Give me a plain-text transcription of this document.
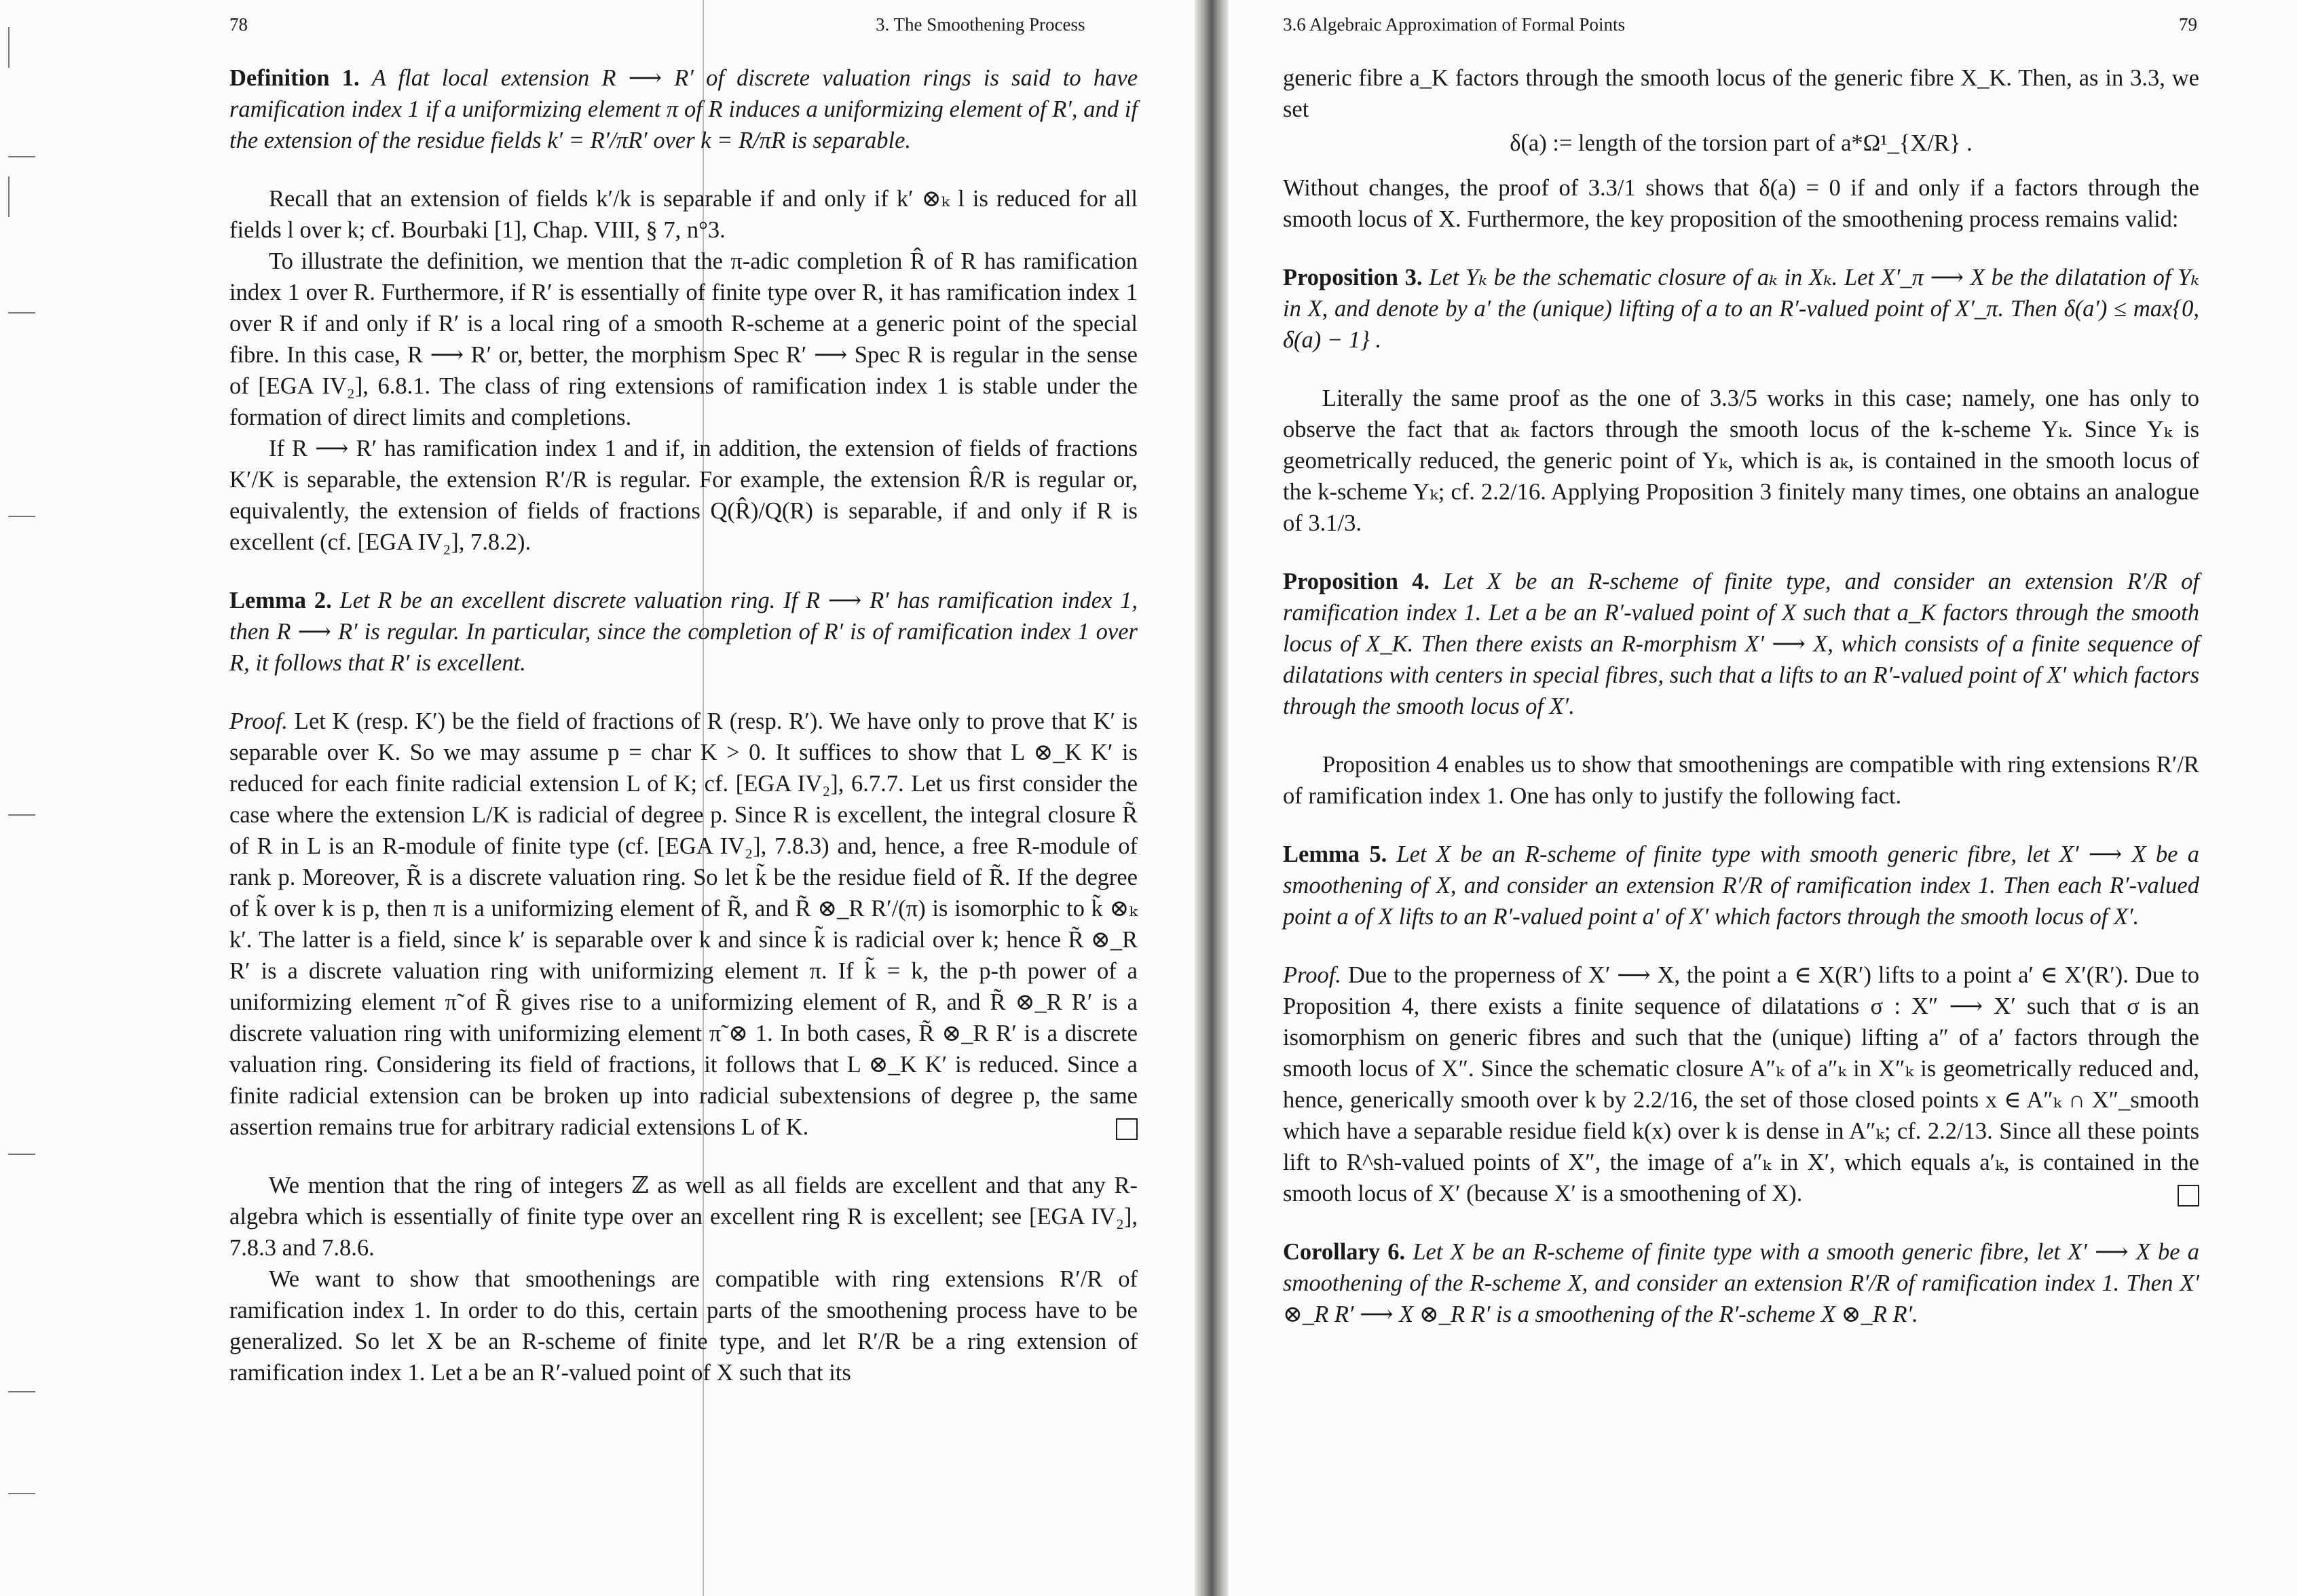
78	3. The Smoothening Process
Definition 1. A flat local extension R ⟶ R′ of discrete valuation rings is said to have ramification index 1 if a uniformizing element π of R induces a uniformizing element of R′, and if the extension of the residue fields k′ = R′/πR′ over k = R/πR is separable.
Recall that an extension of fields k′/k is separable if and only if k′ ⊗ₖ l is reduced for all fields l over k; cf. Bourbaki [1], Chap. VIII, § 7, n°3.
To illustrate the definition, we mention that the π-adic completion R̂ of R has ramification index 1 over R. Furthermore, if R′ is essentially of finite type over R, it has ramification index 1 over R if and only if R′ is a local ring of a smooth R-scheme at a generic point of the special fibre. In this case, R ⟶ R′ or, better, the morphism Spec R′ ⟶ Spec R is regular in the sense of [EGA IV₂], 6.8.1. The class of ring extensions of ramification index 1 is stable under the formation of direct limits and completions.
If R ⟶ R′ has ramification index 1 and if, in addition, the extension of fields of fractions K′/K is separable, the extension R′/R is regular. For example, the extension R̂/R is regular or, equivalently, the extension of fields of fractions Q(R̂)/Q(R) is separable, if and only if R is excellent (cf. [EGA IV₂], 7.8.2).
Lemma 2. Let R be an excellent discrete valuation ring. If R ⟶ R′ has ramification index 1, then R ⟶ R′ is regular. In particular, since the completion of R′ is of ramification index 1 over R, it follows that R′ is excellent.
Proof. Let K (resp. K′) be the field of fractions of R (resp. R′). We have only to prove that K′ is separable over K. So we may assume p = char K > 0. It suffices to show that L ⊗_K K′ is reduced for each finite radicial extension L of K; cf. [EGA IV₂], 6.7.7. Let us first consider the case where the extension L/K is radicial of degree p. Since R is excellent, the integral closure R̃ of R in L is an R-module of finite type (cf. [EGA IV₂], 7.8.3) and, hence, a free R-module of rank p. Moreover, R̃ is a discrete valuation ring. So let k̃ be the residue field of R̃. If the degree of k̃ over k is p, then π is a uniformizing element of R̃, and R̃ ⊗_R R′/(π) is isomorphic to k̃ ⊗ₖ k′. The latter is a field, since k′ is separable over k and since k̃ is radicial over k; hence R̃ ⊗_R R′ is a discrete valuation ring with uniformizing element π. If k̃ = k, the p-th power of a uniformizing element π̃ of R̃ gives rise to a uniformizing element of R, and R̃ ⊗_R R′ is a discrete valuation ring with uniformizing element π̃ ⊗ 1. In both cases, R̃ ⊗_R R′ is a discrete valuation ring. Considering its field of fractions, it follows that L ⊗_K K′ is reduced. Since a finite radicial extension can be broken up into radicial subextensions of degree p, the same assertion remains true for arbitrary radicial extensions L of K.
We mention that the ring of integers ℤ as well as all fields are excellent and that any R-algebra which is essentially of finite type over an excellent ring R is excellent; see [EGA IV₂], 7.8.3 and 7.8.6.
We want to show that smoothenings are compatible with ring extensions R′/R of ramification index 1. In order to do this, certain parts of the smoothening process have to be generalized. So let X be an R-scheme of finite type, and let R′/R be a ring extension of ramification index 1. Let a be an R′-valued point of X such that its
3.6 Algebraic Approximation of Formal Points	79
generic fibre a_K factors through the smooth locus of the generic fibre X_K. Then, as in 3.3, we set
δ(a) := length of the torsion part of a*Ω¹_{X/R} .
Without changes, the proof of 3.3/1 shows that δ(a) = 0 if and only if a factors through the smooth locus of X. Furthermore, the key proposition of the smoothening process remains valid:
Proposition 3. Let Yₖ be the schematic closure of aₖ in Xₖ. Let X′_π ⟶ X be the dilatation of Yₖ in X, and denote by a′ the (unique) lifting of a to an R′-valued point of X′_π. Then δ(a′) ≤ max{0, δ(a) − 1} .
Literally the same proof as the one of 3.3/5 works in this case; namely, one has only to observe the fact that aₖ factors through the smooth locus of the k-scheme Yₖ. Since Yₖ is geometrically reduced, the generic point of Yₖ, which is aₖ, is contained in the smooth locus of the k-scheme Yₖ; cf. 2.2/16. Applying Proposition 3 finitely many times, one obtains an analogue of 3.1/3.
Proposition 4. Let X be an R-scheme of finite type, and consider an extension R′/R of ramification index 1. Let a be an R′-valued point of X such that a_K factors through the smooth locus of X_K. Then there exists an R-morphism X′ ⟶ X, which consists of a finite sequence of dilatations with centers in special fibres, such that a lifts to an R′-valued point of X′ which factors through the smooth locus of X′.
Proposition 4 enables us to show that smoothenings are compatible with ring extensions R′/R of ramification index 1. One has only to justify the following fact.
Lemma 5. Let X be an R-scheme of finite type with smooth generic fibre, let X′ ⟶ X be a smoothening of X, and consider an extension R′/R of ramification index 1. Then each R′-valued point a of X lifts to an R′-valued point a′ of X′ which factors through the smooth locus of X′.
Proof. Due to the properness of X′ ⟶ X, the point a ∈ X(R′) lifts to a point a′ ∈ X′(R′). Due to Proposition 4, there exists a finite sequence of dilatations σ : X″ ⟶ X′ such that σ is an isomorphism on generic fibres and such that the (unique) lifting a″ of a′ factors through the smooth locus of X″. Since the schematic closure A″ₖ of a″ₖ in X″ₖ is geometrically reduced and, hence, generically smooth over k by 2.2/16, the set of those closed points x ∈ A″ₖ ∩ X″_smooth which have a separable residue field k(x) over k is dense in A″ₖ; cf. 2.2/13. Since all these points lift to R^sh-valued points of X″, the image of a″ₖ in X′, which equals a′ₖ, is contained in the smooth locus of X′ (because X′ is a smoothening of X).
Corollary 6. Let X be an R-scheme of finite type with a smooth generic fibre, let X′ ⟶ X be a smoothening of the R-scheme X, and consider an extension R′/R of ramification index 1. Then X′ ⊗_R R′ ⟶ X ⊗_R R′ is a smoothening of the R′-scheme X ⊗_R R′.
